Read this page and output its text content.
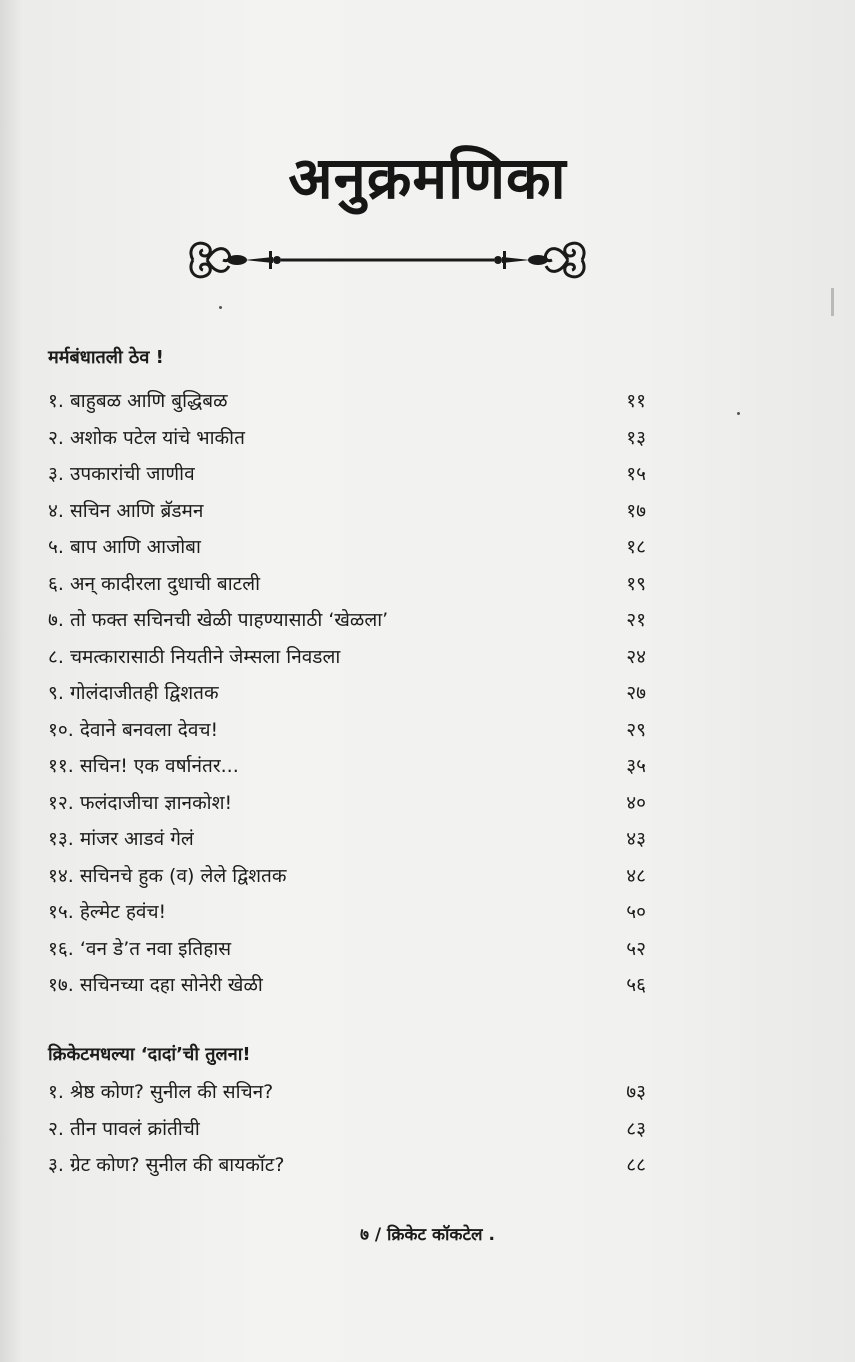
अनुक्रमणिका
मर्मबंधातली ठेव !
१. बाहुबळ आणि बुद्धिबळ	११
२. अशोक पटेल यांचे भाकीत	१३
३. उपकारांची जाणीव	१५
४. सचिन आणि ब्रॅडमन	१७
५. बाप आणि आजोबा	१८
६. अन् कादीरला दुधाची बाटली	१९
७. तो फक्त सचिनची खेळी पाहण्यासाठी ‘खेळला’	२१
८. चमत्कारासाठी नियतीने जेम्सला निवडला	२४
९. गोलंदाजीतही द्विशतक	२७
१०. देवाने बनवला देवच!	२९
११. सचिन! एक वर्षानंतर...	३५
१२. फलंदाजीचा ज्ञानकोश!	४०
१३. मांजर आडवं गेलं	४३
१४. सचिनचे हुक (व) लेले द्विशतक	४८
१५. हेल्मेट हवंच!	५०
१६. ‘वन डे’त नवा इतिहास	५२
१७. सचिनच्या दहा सोनेरी खेळी	५६
क्रिकेटमधल्या ‘दादां’ची तुलना!
१. श्रेष्ठ कोण? सुनील की सचिन?	७३
२. तीन पावलं क्रांतीची	८३
३. ग्रेट कोण? सुनील की बायकॉट?	८८
७ / क्रिकेट कॉकटेल .
